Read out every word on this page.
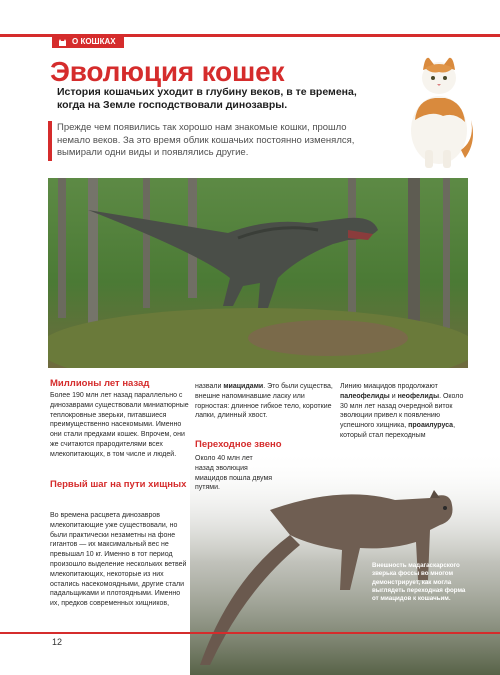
О КОШКАХ
Эволюция кошек
История кошачьих уходит в глубину веков, в те времена, когда на Земле господствовали динозавры.
Прежде чем появились так хорошо нам знакомые кошки, прошло немало веков. За это время облик кошачьих постоянно изменялся, вымирали одни виды и появлялись другие.
Миллионы лет назад

Более 190 млн лет назад параллельно с динозаврами существовали миниатюрные теплокровные зверьки, питавшиеся преимущественно насекомыми. Именно они стали предками кошек. Впрочем, они же считаются прародителями всех млекопитающих, в том числе и людей.

Первый шаг на пути хищных

Во времена расцвета динозавров млекопитающие уже существовали, но были практически незаметны на фоне гигантов — их максимальный вес не превышал 10 кг. Именно в тот период произошло выделение нескольких ветвей млекопитающих, некоторые из них остались насекомоядными, другие стали падальщиками и плотоядными. Именно их, предков современных хищников,

назвали миацидами. Это были существа, внешне напоминавшие ласку или горностая: длинное гибкое тело, короткие лапки, длинный хвост.

Переходное звено

Около 40 млн лет назад эволюция миацидов пошла двумя путями.

Линию миацидов продолжают палеофелиды и неофелиды. Около 30 млн лет назад очередной виток эволюции привел к появлению успешного хищника, проаилуруса, который стал переходным

Внешность мадагаскарского зверька фоссы во многом демонстрирует, как могла выглядеть переходная форма от миацидов к кошачьим.
12
